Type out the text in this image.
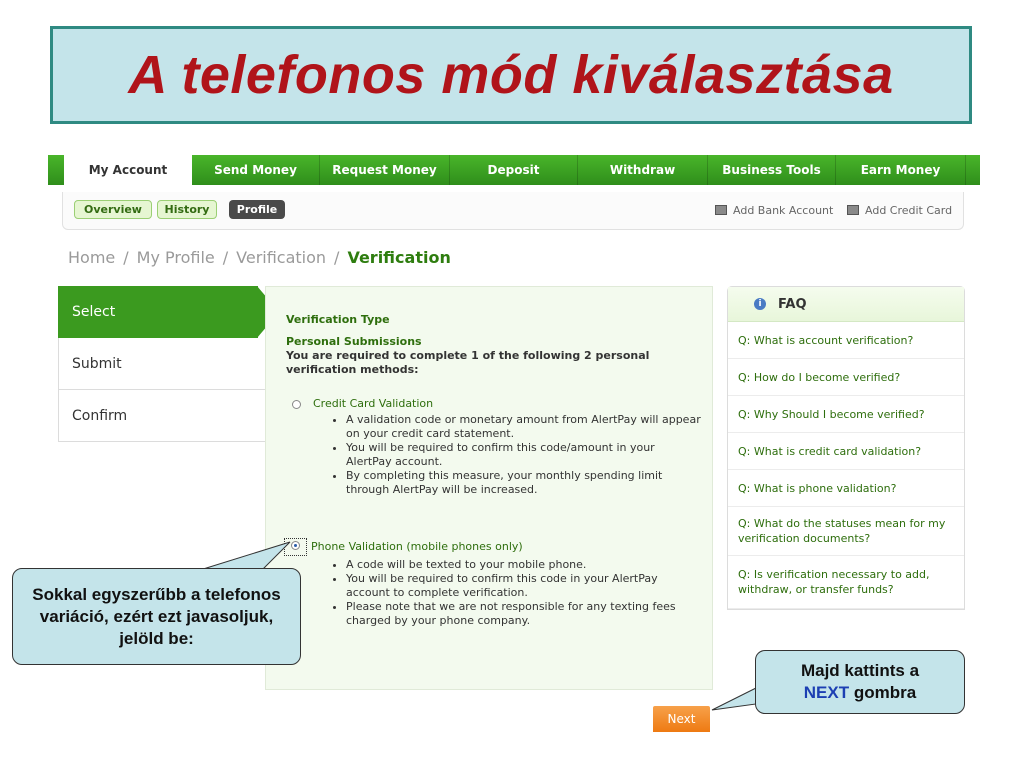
A telefonos mód kiválasztása
My Account	Send Money	Request Money	Deposit	Withdraw	Business Tools	Earn Money
Overview	History	Profile	Add Bank Account	Add Credit Card
Home / My Profile / Verification / Verification
Select
Submit
Confirm
Verification Type
Personal Submissions
You are required to complete 1 of the following 2 personal verification methods:
Credit Card Validation
• A validation code or monetary amount from AlertPay will appear on your credit card statement.
• You will be required to confirm this code/amount in your AlertPay account.
• By completing this measure, your monthly spending limit through AlertPay will be increased.
Phone Validation (mobile phones only)
• A code will be texted to your mobile phone.
• You will be required to confirm this code in your AlertPay account to complete verification.
• Please note that we are not responsible for any texting fees charged by your phone company.
Next
i	FAQ
Q: What is account verification?
Q: How do I become verified?
Q: Why Should I become verified?
Q: What is credit card validation?
Q: What is phone validation?
Q: What do the statuses mean for my verification documents?
Q: Is verification necessary to add, withdraw, or transfer funds?
Sokkal egyszerűbb a telefonos variáció, ezért ezt javasoljuk, jelöld be:
Majd kattints a
NEXT gombra
